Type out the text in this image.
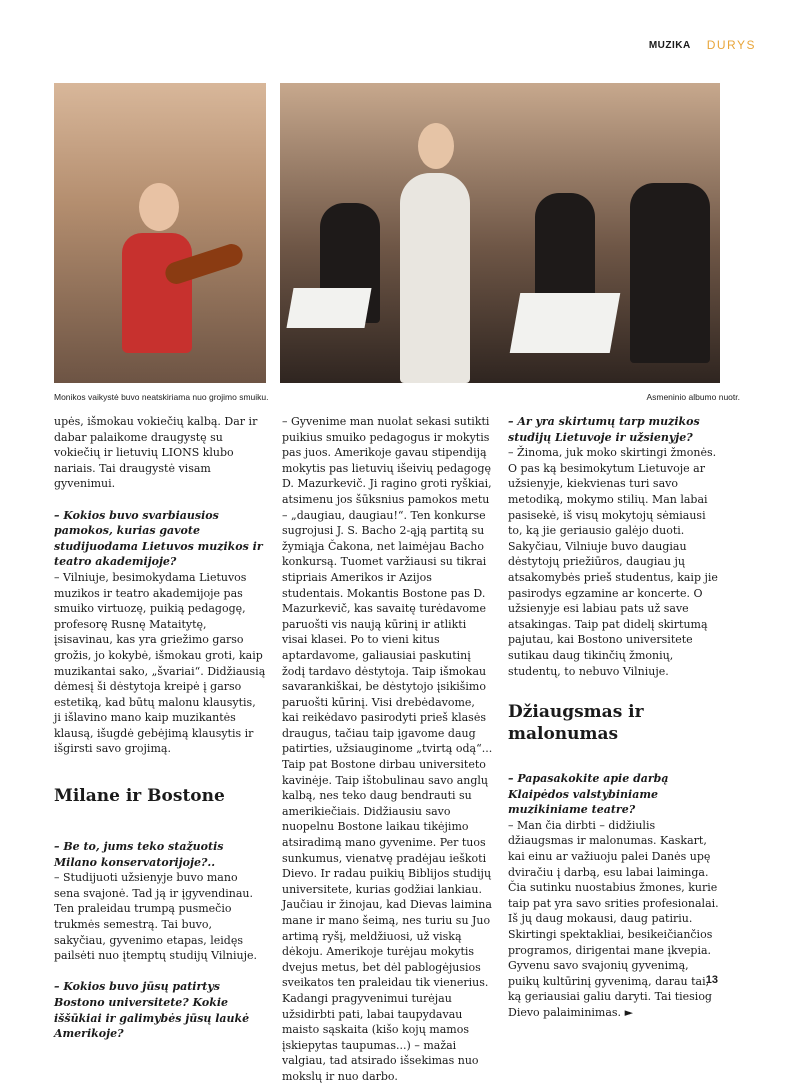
MUZIKA DURYS
Monikos vaikystė buvo neatskiriama nuo grojimo smuiku.	Asmeninio albumo nuotr.

upės, išmokau vokiečių kalbą. Dar ir dabar palaikome draugystę su vokiečių ir lietuvių LIONS klubo nariais. Tai draugystė visam gyvenimui.

– Kokios buvo svarbiausios pamokos, kurias gavote studijuodama Lietuvos muzikos ir teatro akademijoje?

– Vilniuje, besimokydama Lietuvos muzikos ir teatro akademijoje pas smuiko virtuozę, puikią pedagogę, profesorę Rusnę Mataitytę, įsisavinau, kas yra griežimo garso grožis, jo kokybė, išmokau groti, kaip muzikantai sako, „švariai“. Didžiausią dėmesį ši dėstytoja kreipė į garso estetiką, kad būtų malonu klausytis, ji išlavino mano kaip muzikantės klausą, išugdė gebėjimą klausytis ir išgirsti savo grojimą.

Milane ir Bostone

– Be to, jums teko stažuotis Milano konservatorijoje?..

– Studijuoti užsienyje buvo mano sena svajonė. Tad ją ir įgyvendinau. Ten praleidau trumpą pusmečio trukmės semestrą. Tai buvo, sakyčiau, gyvenimo etapas, leidęs pailsėti nuo įtemptų studijų Vilniuje.

– Kokios buvo jūsų patirtys Bostono universitete? Kokie iššūkiai ir galimybės jūsų laukė Amerikoje?

– Gyvenime man nuolat sekasi sutikti puikius smuiko pedagogus ir mokytis pas juos. Amerikoje gavau stipendiją mokytis pas lietuvių išeivių pedagogę D. Mazurkevič. Ji ragino groti ryškiai, atsimenu jos šūksnius pamokos metu – „daugiau, daugiau!“. Ten konkurse sugrojusi J. S. Bacho 2-ąją partitą su žymiąja Čakona, net laimėjau Bacho konkursą. Tuomet varžiausi su tikrai stipriais Amerikos ir Azijos studentais. Mokantis Bostone pas D. Mazurkevič, kas savaitę turėdavome paruošti vis naują kūrinį ir atlikti visai klasei. Po to vieni kitus aptardavome, galiausiai paskutinį žodį tardavo dėstytoja. Taip išmokau savarankiškai, be dėstytojo įsikišimo paruošti kūrinį. Visi drebėdavome, kai reikėdavo pasirodyti prieš klasės draugus, tačiau taip įgavome daug patirties, užsiauginome „tvirtą odą“... Taip pat Bostone dirbau universiteto kavinėje. Taip ištobulinau savo anglų kalbą, nes teko daug bendrauti su amerikiečiais. Didžiausiu savo nuopelnu Bostone laikau tikėjimo atsiradimą mano gyvenime. Per tuos sunkumus, vienatvę pradėjau ieškoti Dievo. Ir radau puikių Biblijos studijų universitete, kurias godžiai lankiau. Jaučiau ir žinojau, kad Dievas laimina mane ir mano šeimą, nes turiu su Juo artimą ryšį, meldžiuosi, už viską dėkoju. Amerikoje turėjau mokytis dvejus metus, bet dėl pablogėjusios sveikatos ten praleidau tik vienerius. Kadangi pragyvenimui turėjau užsidirbti pati, labai taupydavau maisto sąskaita (kišo kojų mamos įskiepytas taupumas...) – mažai valgiau, tad atsirado išsekimas nuo mokslų ir nuo darbo.

– Ar yra skirtumų tarp muzikos studijų Lietuvoje ir užsienyje?

– Žinoma, juk moko skirtingi žmonės. O pas ką besimokytum Lietuvoje ar užsienyje, kiekvienas turi savo metodiką, mokymo stilių. Man labai pasisekė, iš visų mokytojų sėmiausi to, ką jie geriausio galėjo duoti. Sakyčiau, Vilniuje buvo daugiau dėstytojų priežiūros, daugiau jų atsakomybės prieš studentus, kaip jie pasirodys egzamine ar koncerte. O užsienyje esi labiau pats už save atsakingas. Taip pat didelį skirtumą pajutau, kai Bostono universitete sutikau daug tikinčių žmonių, studentų, to nebuvo Vilniuje.

Džiaugsmas ir malonumas

– Papasakokite apie darbą Klaipėdos valstybiniame muzikiniame teatre?

– Man čia dirbti – didžiulis džiaugsmas ir malonumas. Kaskart, kai einu ar važiuoju palei Danės upę dviračiu į darbą, esu labai laiminga. Čia sutinku nuostabius žmones, kurie taip pat yra savo srities profesionalai. Iš jų daug mokausi, daug patiriu. Skirtingi spektakliai, besikeičiančios programos, dirigentai mane įkvepia. Gyvenu savo svajonių gyvenimą, puikų kultūrinį gyvenimą, darau tai, ką geriausiai galiu daryti. Tai tiesiog Dievo palaiminimas. ►

13
